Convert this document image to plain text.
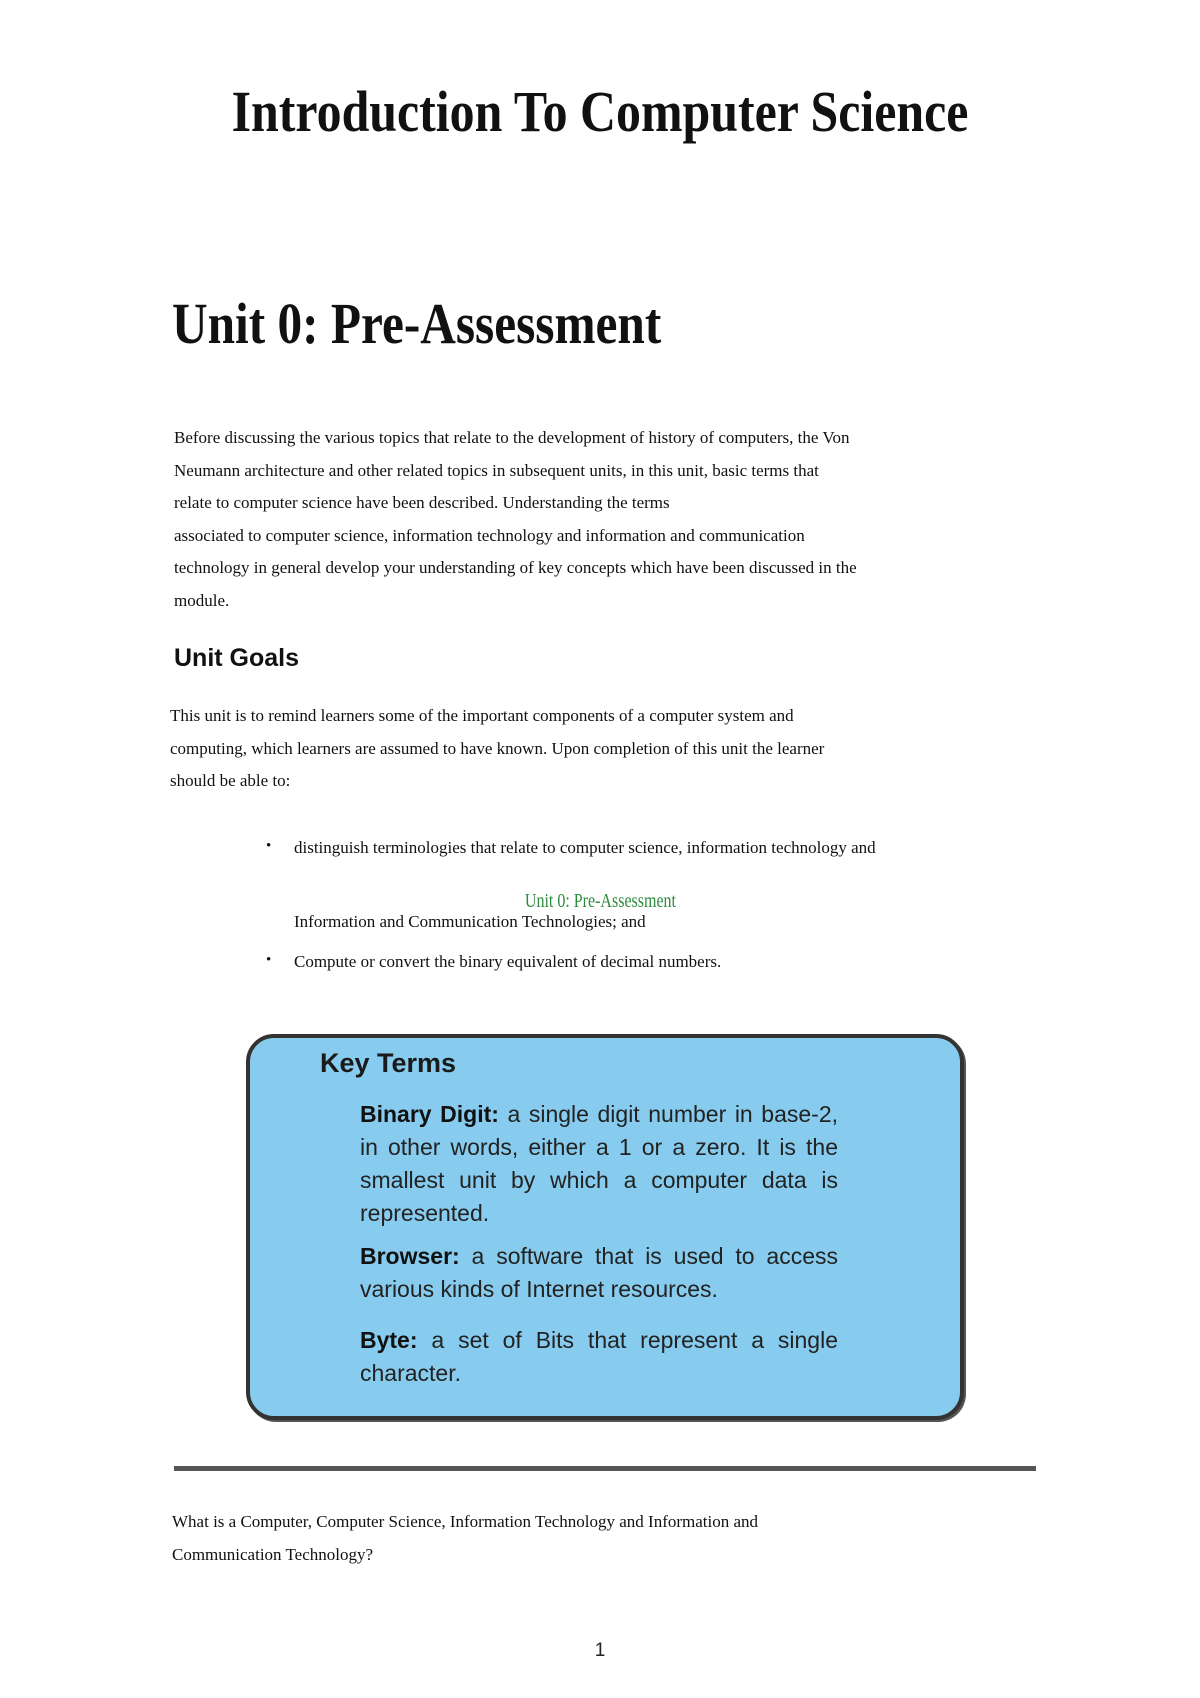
Introduction To Computer Science
Unit 0: Pre-Assessment
Before discussing the various topics that relate to the development of history of computers, the Von
Neumann architecture and other related topics in subsequent units, in this unit, basic terms that
relate to computer science have been described. Understanding the terms
associated to computer science, information technology and information and communication
technology in general develop your understanding of key concepts which have been discussed in the
module.
Unit Goals
This unit is to remind learners some of the important components of a computer system and
computing, which learners are assumed to have known. Upon completion of this unit the learner
should be able to:
• distinguish terminologies that relate to computer science, information technology and
Unit 0: Pre-Assessment
Information and Communication Technologies; and
• Compute or convert the binary equivalent of decimal numbers.
Key Terms
Binary Digit: a single digit number in base-2, in other words, either a 1 or a zero. It is the smallest unit by which a computer data is represented.
Browser: a software that is used to access various kinds of Internet resources.
Byte: a set of Bits that represent a single character.
What is a Computer, Computer Science, Information Technology and Information and
Communication Technology?
1
